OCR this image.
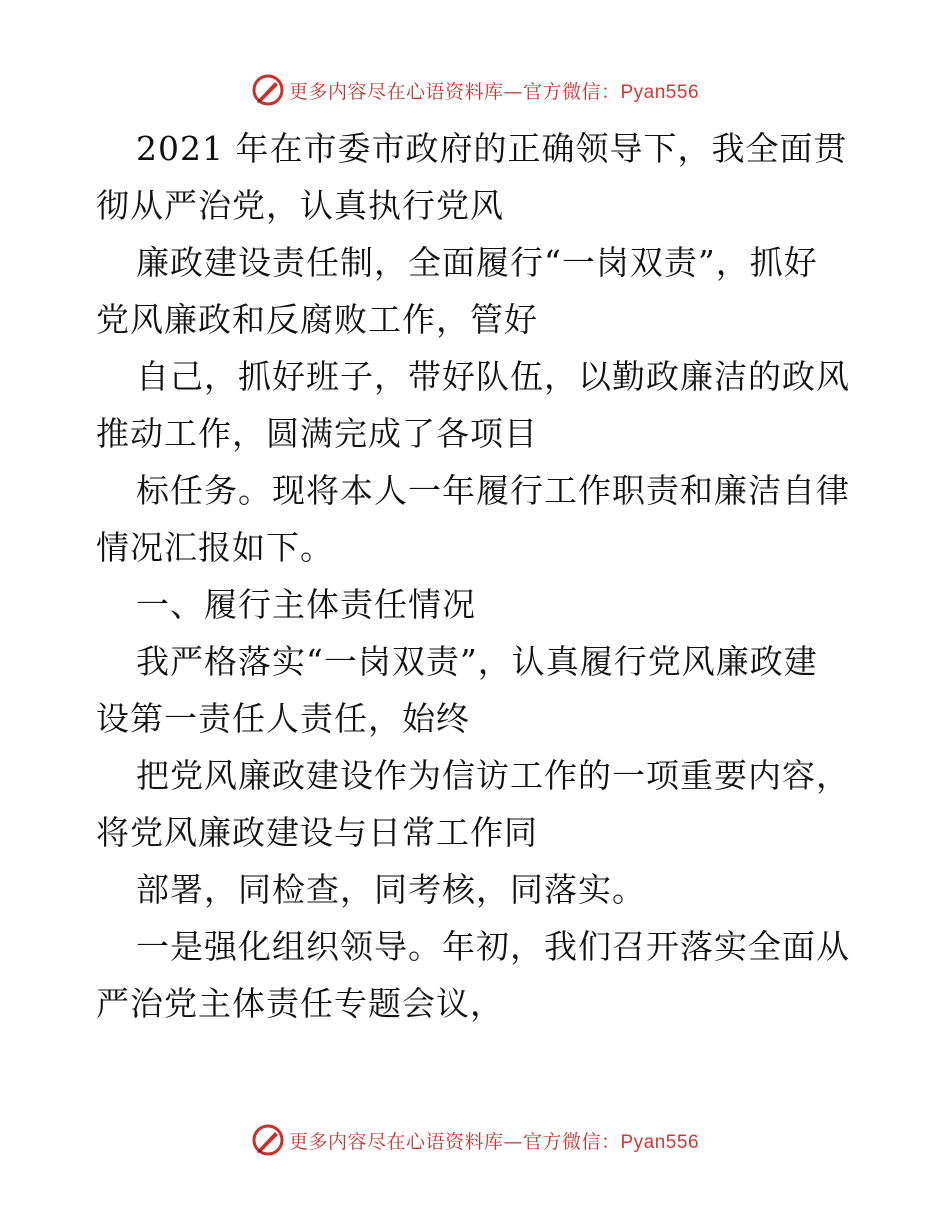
更多内容尽在心语资料库—官方微信：Pyan556
2021 年在市委市政府的正确领导下，我全面贯
彻从严治党，认真执行党风
廉政建设责任制，全面履行“一岗双责”，抓好
党风廉政和反腐败工作，管好
自己，抓好班子，带好队伍，以勤政廉洁的政风
推动工作，圆满完成了各项目
标任务。现将本人一年履行工作职责和廉洁自律
情况汇报如下。
一、履行主体责任情况
我严格落实“一岗双责”，认真履行党风廉政建
设第一责任人责任，始终
把党风廉政建设作为信访工作的一项重要内容，
将党风廉政建设与日常工作同
部署，同检查，同考核，同落实。
一是强化组织领导。年初，我们召开落实全面从
严治党主体责任专题会议，
更多内容尽在心语资料库—官方微信：Pyan556
